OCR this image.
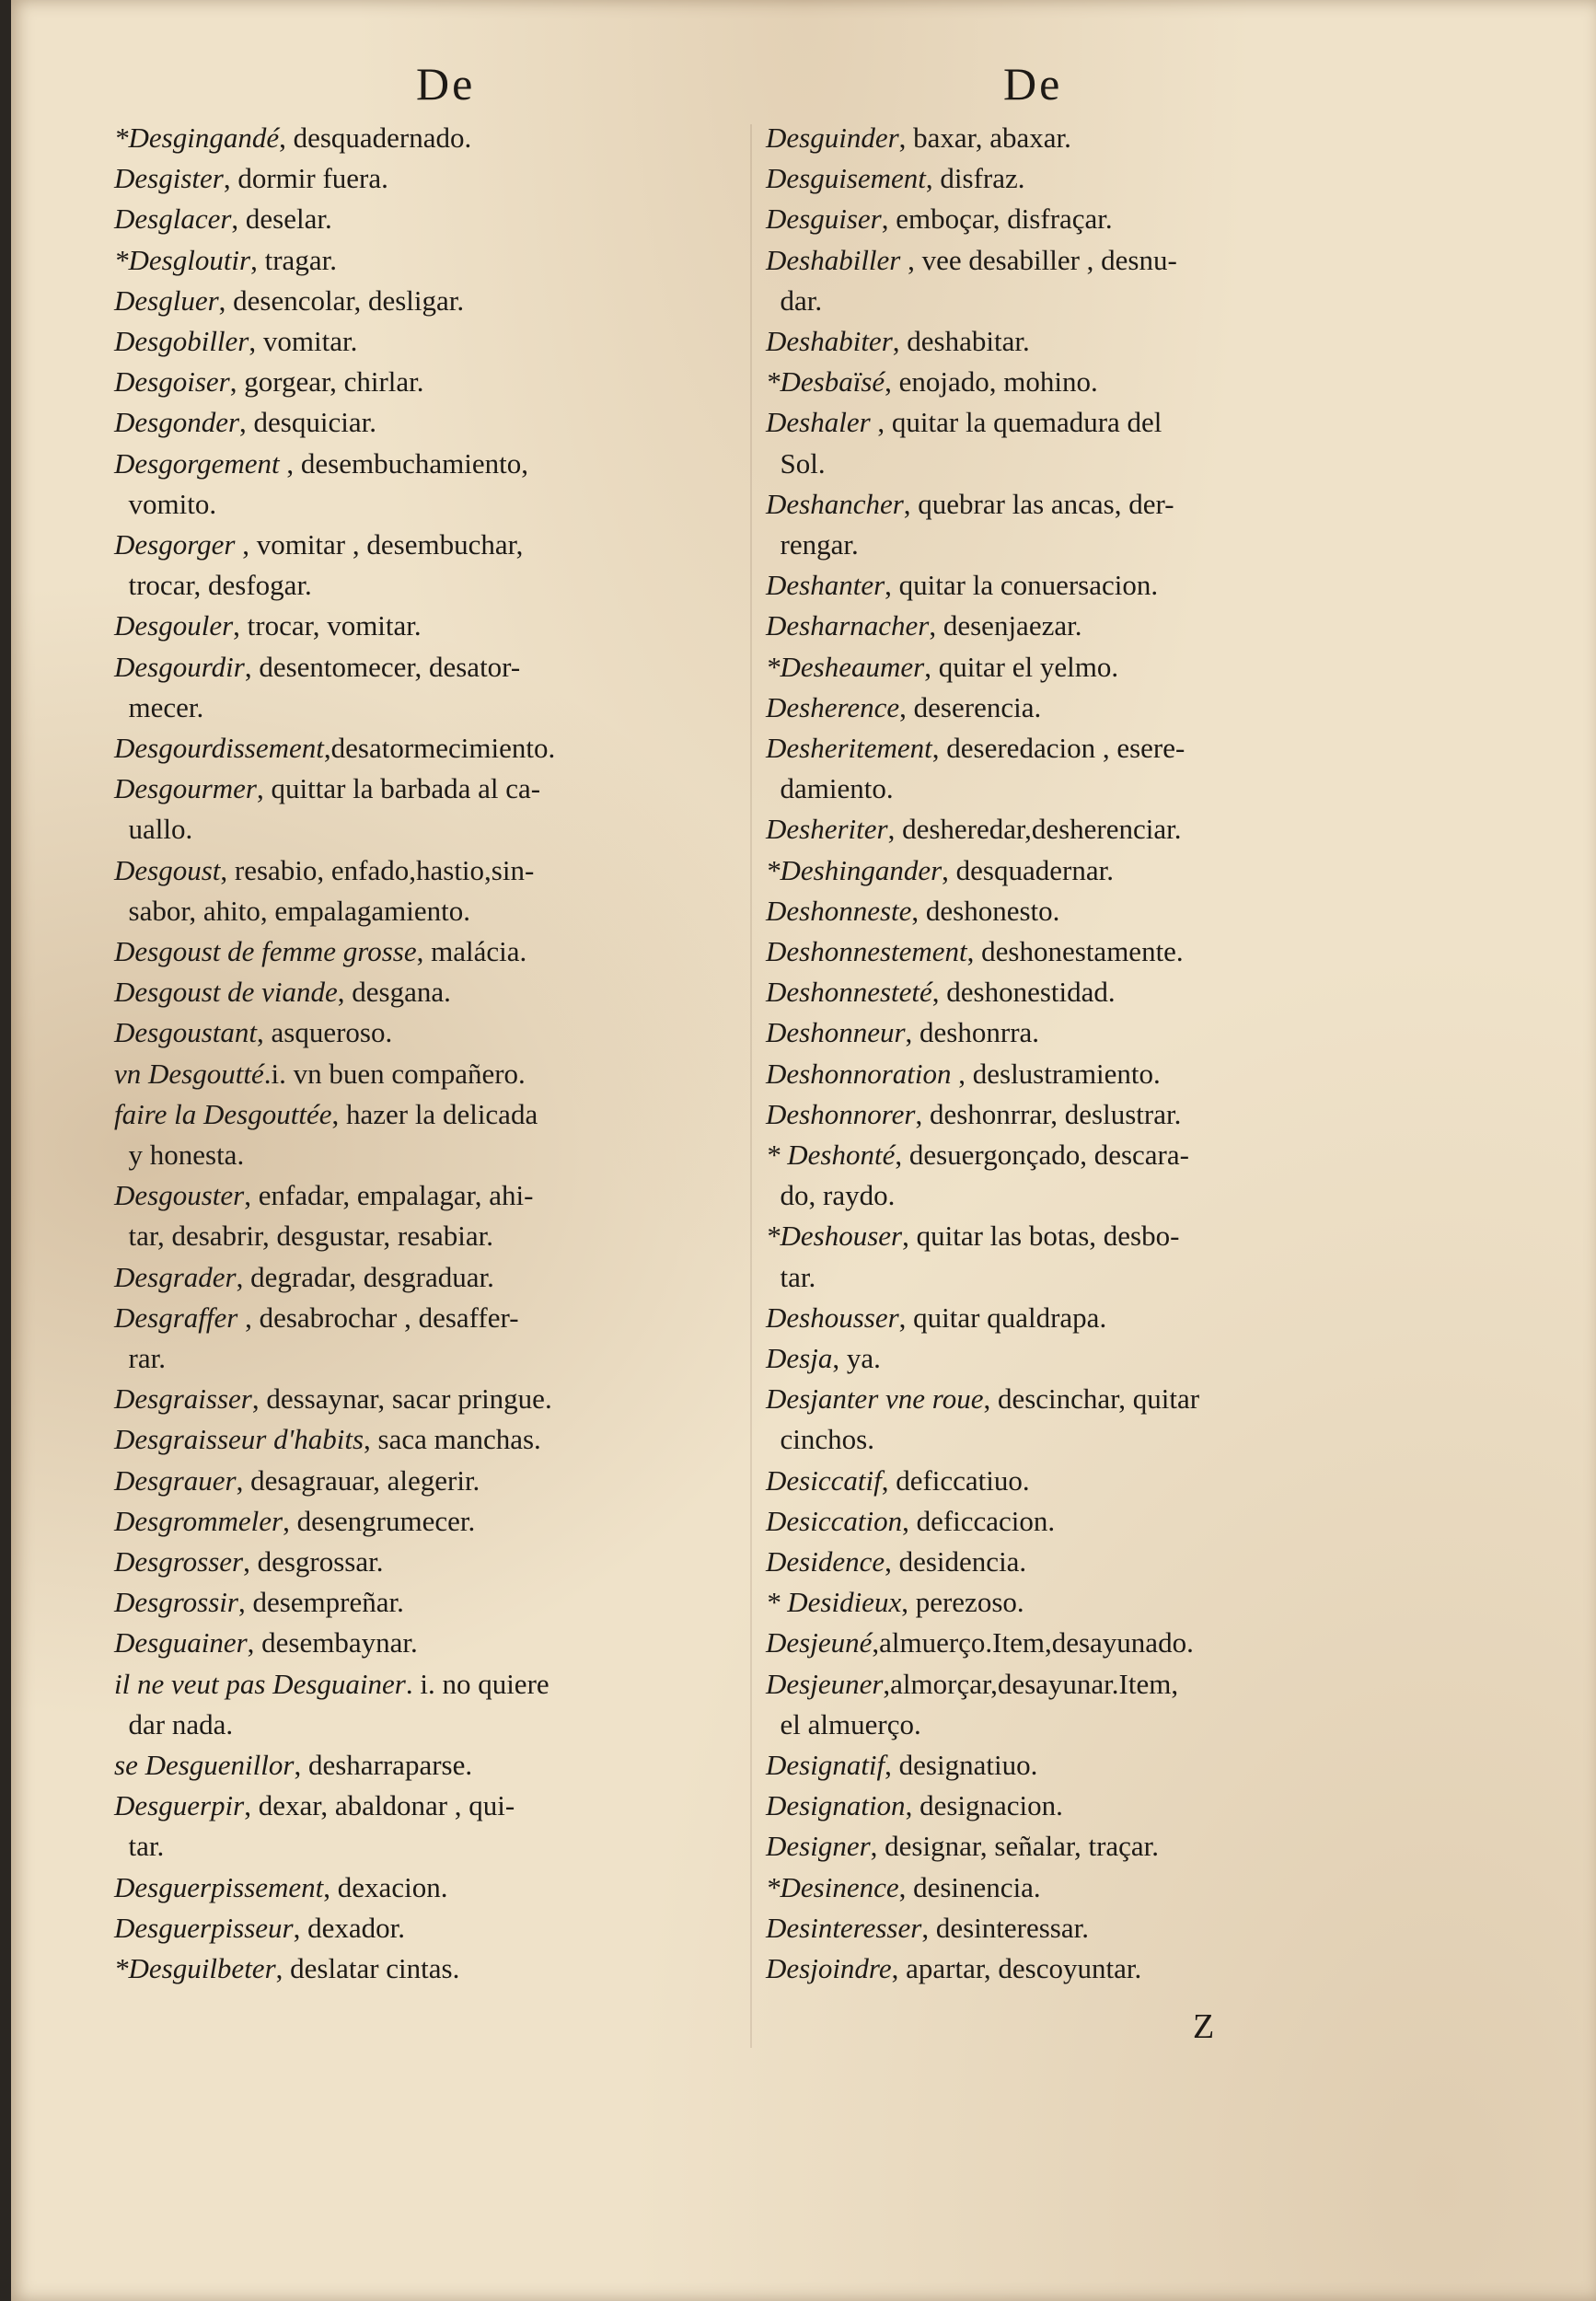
De	De
*Desgingandé, desquadernado.
Desgister, dormir fuera.
Desglacer, deselar.
*Desgloutir, tragar.
Desgluer, desencolar, desligar.
Desgobiller, vomitar.
Desgoiser, gorgear, chirlar.
Desgonder, desquiciar.
Desgorgement , desembuchamiento,
vomito.
Desgorger , vomitar , desembuchar,
trocar, desfogar.
Desgouler, trocar, vomitar.
Desgourdir, desentomecer, desator-
mecer.
Desgourdissement,desatormecimiento.
Desgourmer, quittar la barbada al ca-
uallo.
Desgoust, resabio, enfado,hastio,sin-
sabor, ahito, empalagamiento.
Desgoust de femme grosse, malácia.
Desgoust de viande, desgana.
Desgoustant, asqueroso.
vn Desgoutté.i. vn buen compañero.
faire la Desgouttée, hazer la delicada
y honesta.
Desgouster, enfadar, empalagar, ahi-
tar, desabrir, desgustar, resabiar.
Desgrader, degradar, desgraduar.
Desgraffer , desabrochar , desaffer-
rar.
Desgraisser, dessaynar, sacar pringue.
Desgraisseur d'habits, saca manchas.
Desgrauer, desagrauar, alegerir.
Desgrommeler, desengrumecer.
Desgrosser, desgrossar.
Desgrossir, desempreñar.
Desguainer, desembaynar.
il ne veut pas Desguainer. i. no quiere
dar nada.
se Desguenillor, desharraparse.
Desguerpir, dexar, abaldonar , qui-
tar.
Desguerpissement, dexacion.
Desguerpisseur, dexador.
*Desguilbeter, deslatar cintas.
Desguinder, baxar, abaxar.
Desguisement, disfraz.
Desguiser, emboçar, disfraçar.
Deshabiller , vee desabiller , desnu-
dar.
Deshabiter, deshabitar.
*Desbaïsé, enojado, mohino.
Deshaler , quitar la quemadura del
Sol.
Deshancher, quebrar las ancas, der-
rengar.
Deshanter, quitar la conuersacion.
Desharnacher, desenjaezar.
*Desheaumer, quitar el yelmo.
Desherence, deserencia.
Desheritement, deseredacion , esere-
damiento.
Desheriter, desheredar,desherenciar.
*Deshingander, desquadernar.
Deshonneste, deshonesto.
Deshonnestement, deshonestamente.
Deshonnesteté, deshonestidad.
Deshonneur, deshonrra.
Deshonnoration , deslustramiento.
Deshonnorer, deshonrrar, deslustrar.
* Deshonté, desuergonçado, descara-
do, raydo.
*Deshouser, quitar las botas, desbo-
tar.
Deshousser, quitar qualdrapa.
Desja, ya.
Desjanter vne roue, descinchar, quitar
cinchos.
Desiccatif, deficcatiuo.
Desiccation, deficcacion.
Desidence, desidencia.
* Desidieux, perezoso.
Desjeuné,almuerço.Item,desayunado.
Desjeuner,almorçar,desayunar.Item,
el almuerço.
Designatif, designatiuo.
Designation, designacion.
Designer, designar, señalar, traçar.
*Desinence, desinencia.
Desinteresser, desinteressar.
Desjoindre, apartar, descoyuntar.
Z
